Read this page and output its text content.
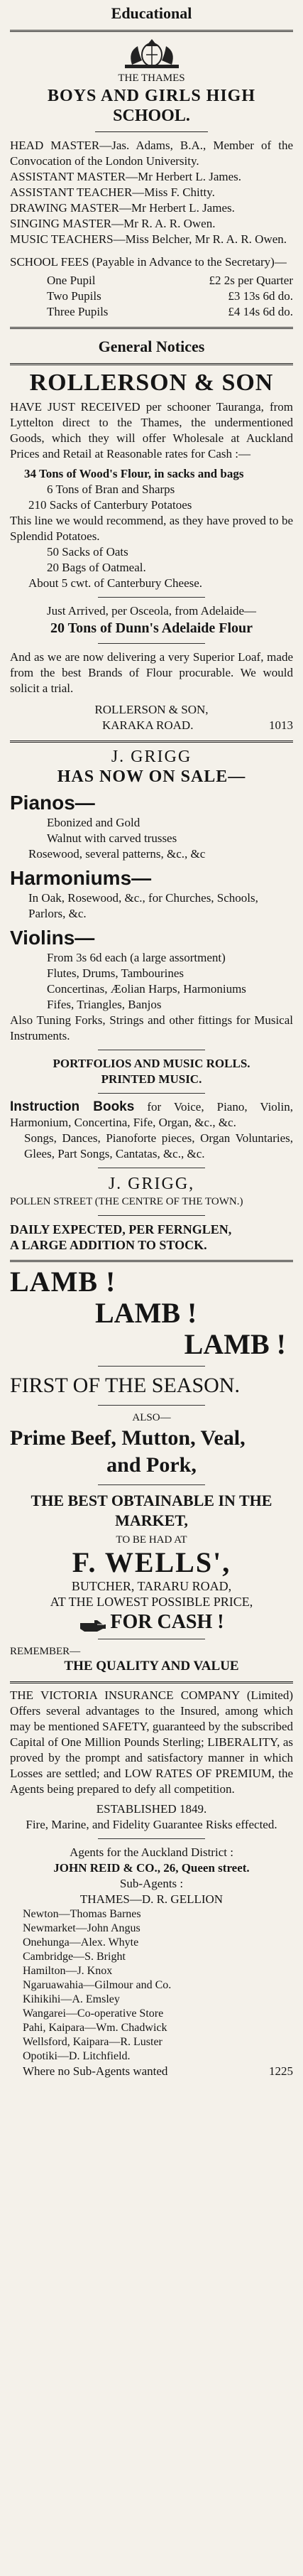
Educational
THE THAMES
BOYS AND GIRLS HIGH
SCHOOL.
HEAD MASTER—Jas. Adams, B.A., Member of the Convocation of the London University.
ASSISTANT MASTER—Mr Herbert L. James.
ASSISTANT TEACHER—Miss F. Chitty.
DRAWING MASTER—Mr Herbert L. James.
SINGING MASTER—Mr R. A. R. Owen.
MUSIC TEACHERS—Miss Belcher, Mr R. A. R. Owen.
SCHOOL FEES (Payable in Advance to the Secretary)—
One Pupil	£2 2s per Quarter
Two Pupils	£3 13s 6d do.
Three Pupils	£4 14s 6d do.
General Notices
ROLLERSON & SON
HAVE JUST RECEIVED per schooner Tauranga, from Lyttelton direct to the Thames, the undermentioned Goods, which they will offer Wholesale at Auckland Prices and Retail at Reasonable rates for Cash :—
34 Tons of Wood's Flour, in sacks and bags
6 Tons of Bran and Sharps
210 Sacks of Canterbury Potatoes
This line we would recommend, as they have proved to be Splendid Potatoes.
50 Sacks of Oats
20 Bags of Oatmeal.
About 5 cwt. of Canterbury Cheese.
Just Arrived, per Osceola, from Adelaide—
20 Tons of Dunn's Adelaide Flour
And as we are now delivering a very Superior Loaf, made from the best Brands of Flour procurable. We would solicit a trial.
ROLLERSON & SON,
KARAKA ROAD.	1013
J. GRIGG
HAS NOW ON SALE—
Pianos—
Ebonized and Gold
Walnut with carved trusses
Rosewood, several patterns, &c., &c
Harmoniums—
In Oak, Rosewood, &c., for Churches, Schools, Parlors, &c.
Violins—
From 3s 6d each (a large assortment)
Flutes, Drums, Tambourines
Concertinas, Æolian Harps, Harmoniums
Fifes, Triangles, Banjos
Also Tuning Forks, Strings and other fittings for Musical Instruments.
PORTFOLIOS AND MUSIC ROLLS.
PRINTED MUSIC.
Instruction Books for Voice, Piano, Violin, Harmonium, Concertina, Fife, Organ, &c., &c.
Songs, Dances, Pianoforte pieces, Organ Voluntaries, Glees, Part Songs, Cantatas, &c., &c.
J. GRIGG,
POLLEN STREET (THE CENTRE OF THE TOWN.)
DAILY EXPECTED, PER FERNGLEN,
A LARGE ADDITION TO STOCK.
LAMB !
LAMB !
LAMB !
FIRST OF THE SEASON.
ALSO—
Prime Beef, Mutton, Veal,
and Pork,
THE BEST OBTAINABLE IN THE MARKET,
TO BE HAD AT
F. WELLS',
BUTCHER, TARARU ROAD,
AT THE LOWEST POSSIBLE PRICE,
FOR CASH !
REMEMBER—
THE QUALITY AND VALUE
THE VICTORIA INSURANCE COMPANY (Limited) Offers several advantages to the Insured, among which may be mentioned SAFETY, guaranteed by the subscribed Capital of One Million Pounds Sterling; LIBERALITY, as proved by the prompt and satisfactory manner in which Losses are settled; and LOW RATES OF PREMIUM, the Agents being prepared to defy all competition.
ESTABLISHED 1849.
Fire, Marine, and Fidelity Guarantee Risks effected.
Agents for the Auckland District :
JOHN REID & CO., 26, Queen street.
Sub-Agents :
THAMES—D. R. GELLION
Newton—Thomas Barnes
Newmarket—John Angus
Onehunga—Alex. Whyte
Cambridge—S. Bright
Hamilton—J. Knox
Ngaruawahia—Gilmour and Co.
Kihikihi—A. Emsley
Wangarei—Co-operative Store
Pahi, Kaipara—Wm. Chadwick
Wellsford, Kaipara—R. Luster
Opotiki—D. Litchfield.
Where no Sub-Agents wanted	1225
